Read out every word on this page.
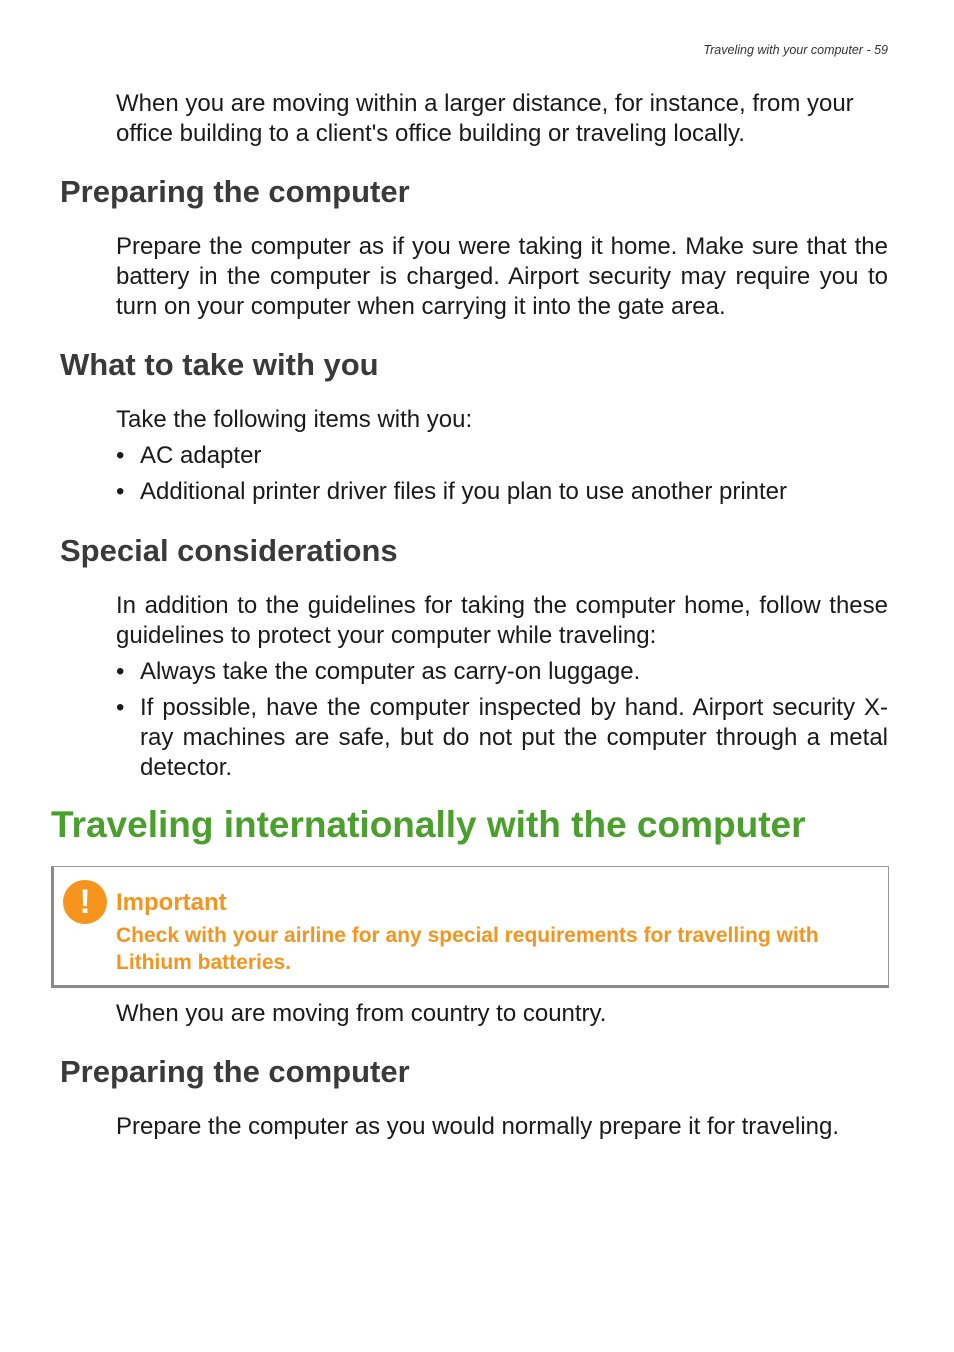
Traveling with your computer - 59

When you are moving within a larger distance, for instance, from your office building to a client's office building or traveling locally.

Preparing the computer

Prepare the computer as if you were taking it home. Make sure that the battery in the computer is charged. Airport security may require you to turn on your computer when carrying it into the gate area.

What to take with you

Take the following items with you:

• AC adapter
• Additional printer driver files if you plan to use another printer
Special considerations

In addition to the guidelines for taking the computer home, follow these guidelines to protect your computer while traveling:

• Always take the computer as carry-on luggage.
• If possible, have the computer inspected by hand. Airport security X-ray machines are safe, but do not put the computer through a metal detector.
Traveling internationally with the computer
!	Important
Check with your airline for any special requirements for travelling with Lithium batteries.

When you are moving from country to country.

Preparing the computer

Prepare the computer as you would normally prepare it for traveling.
